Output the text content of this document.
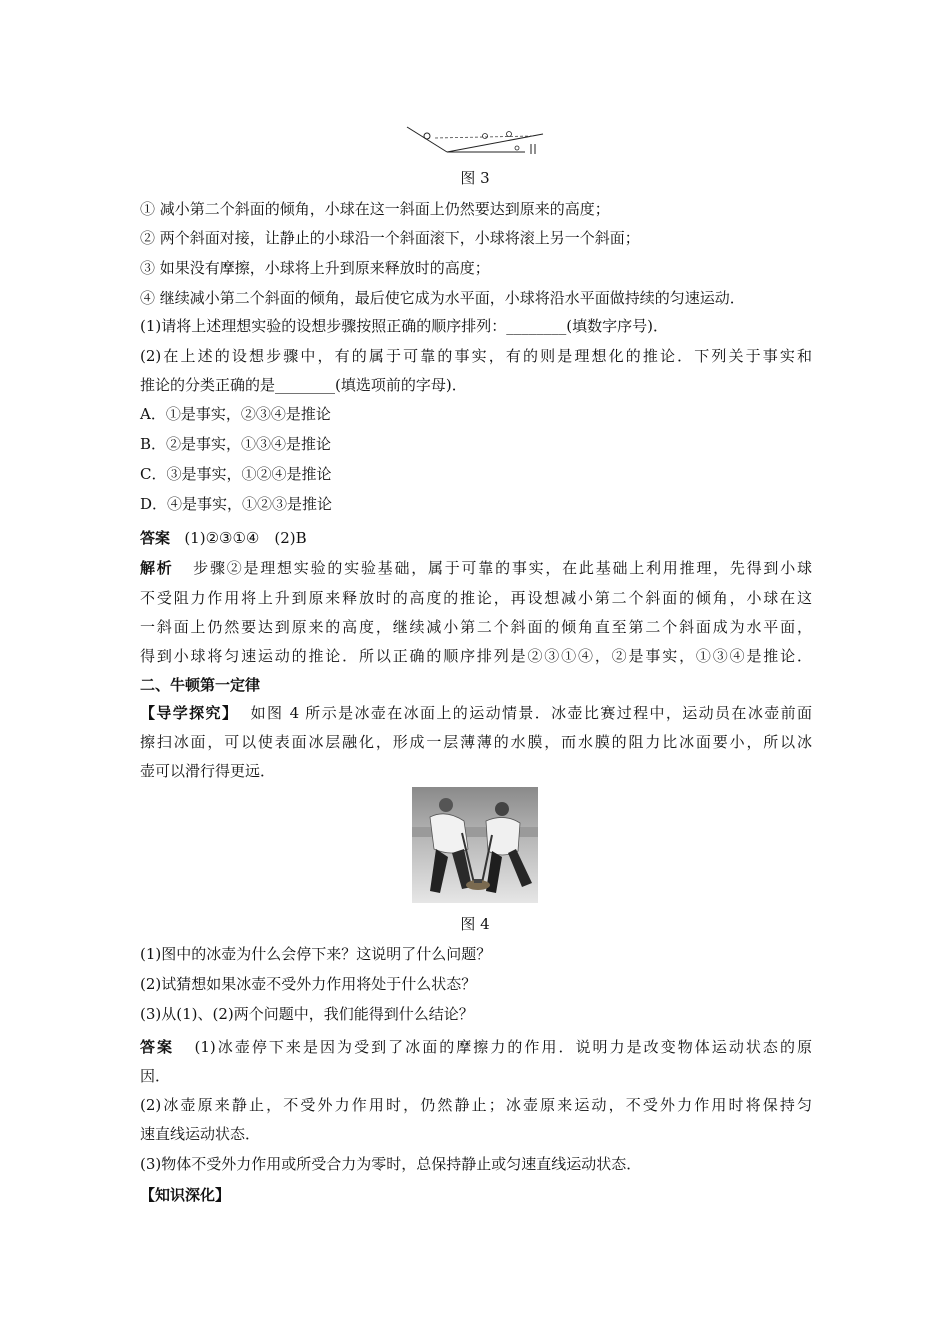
图 3
① 减小第二个斜面的倾角，小球在这一斜面上仍然要达到原来的高度；
② 两个斜面对接，让静止的小球沿一个斜面滚下，小球将滚上另一个斜面；
③ 如果没有摩擦，小球将上升到原来释放时的高度；
④ 继续减小第二个斜面的倾角，最后使它成为水平面，小球将沿水平面做持续的匀速运动．
(1)请将上述理想实验的设想步骤按照正确的顺序排列：________(填数字序号)．
(2)在上述的设想步骤中，有的属于可靠的事实，有的则是理想化的推论．下列关于事实和
推论的分类正确的是________(填选项前的字母)．
A．①是事实，②③④是推论
B．②是事实，①③④是推论
C．③是事实，①②④是推论
D．④是事实，①②③是推论
答案 (1)②③①④　(2)B
解析 步骤②是理想实验的实验基础，属于可靠的事实，在此基础上利用推理，先得到小球
不受阻力作用将上升到原来释放时的高度的推论，再设想减小第二个斜面的倾角，小球在这
一斜面上仍然要达到原来的高度，继续减小第二个斜面的倾角直至第二个斜面成为水平面，
得到小球将匀速运动的推论．所以正确的顺序排列是②③①④，②是事实，①③④是推论．
二、牛顿第一定律
【导学探究】 如图 4 所示是冰壶在冰面上的运动情景．冰壶比赛过程中，运动员在冰壶前面
擦扫冰面，可以使表面冰层融化，形成一层薄薄的水膜，而水膜的阻力比冰面要小，所以冰
壶可以滑行得更远．
图 4
(1)图中的冰壶为什么会停下来？这说明了什么问题？
(2)试猜想如果冰壶不受外力作用将处于什么状态？
(3)从(1)、(2)两个问题中，我们能得到什么结论？
答案 (1)冰壶停下来是因为受到了冰面的摩擦力的作用．说明力是改变物体运动状态的原
因．
(2)冰壶原来静止，不受外力作用时，仍然静止；冰壶原来运动，不受外力作用时将保持匀
速直线运动状态．
(3)物体不受外力作用或所受合力为零时，总保持静止或匀速直线运动状态．
【知识深化】
